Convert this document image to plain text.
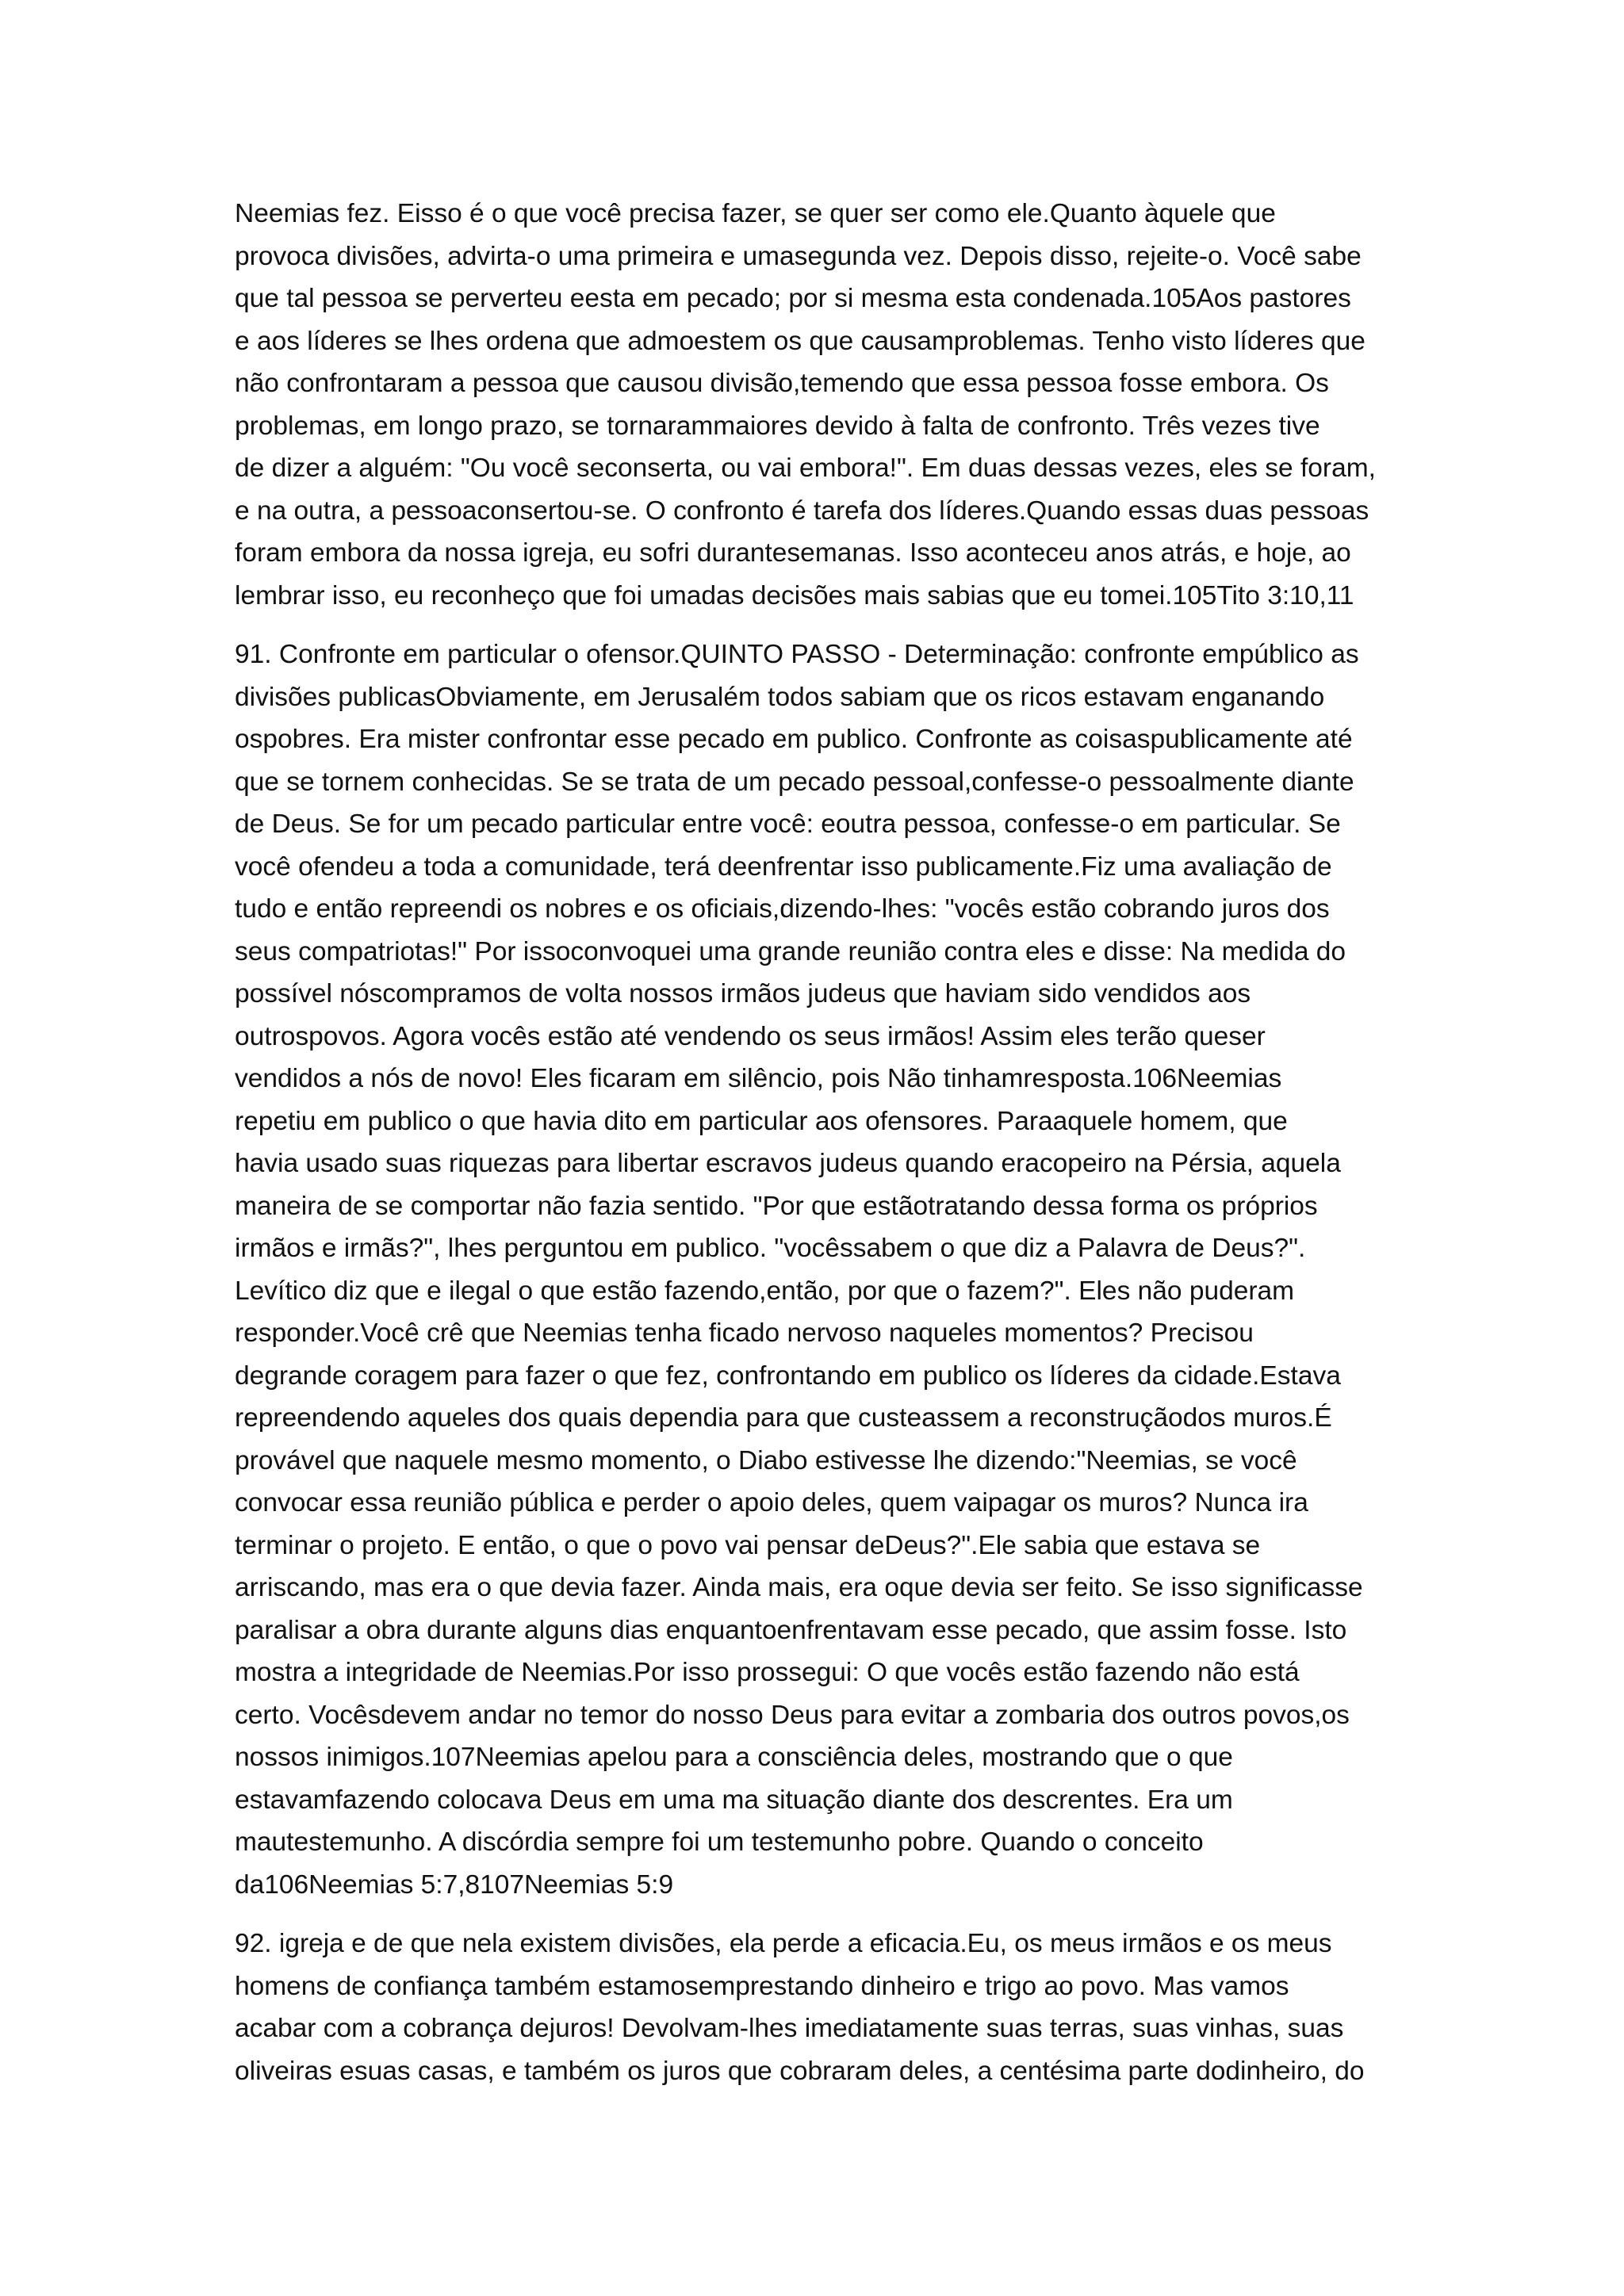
Neemias fez. Eisso é o que você precisa fazer, se quer ser como ele.Quanto àquele que
provoca divisões, advirta-o uma primeira e umasegunda vez. Depois disso, rejeite-o. Você sabe
que tal pessoa se perverteu eesta em pecado; por si mesma esta condenada.105Aos pastores
e aos líderes se lhes ordena que admoestem os que causamproblemas. Tenho visto líderes que
não confrontaram a pessoa que causou divisão,temendo que essa pessoa fosse embora. Os
problemas, em longo prazo, se tornarammaiores devido à falta de confronto. Três vezes tive
de dizer a alguém: "Ou você seconserta, ou vai embora!". Em duas dessas vezes, eles se foram,
e na outra, a pessoaconsertou-se. O confronto é tarefa dos líderes.Quando essas duas pessoas
foram embora da nossa igreja, eu sofri durantesemanas. Isso aconteceu anos atrás, e hoje, ao
lembrar isso, eu reconheço que foi umadas decisões mais sabias que eu tomei.105Tito 3:10,11
91. Confronte em particular o ofensor.QUINTO PASSO - Determinação: confronte empúblico as
divisões publicasObviamente, em Jerusalém todos sabiam que os ricos estavam enganando
ospobres. Era mister confrontar esse pecado em publico. Confronte as coisaspublicamente até
que se tornem conhecidas. Se se trata de um pecado pessoal,confesse-o pessoalmente diante
de Deus. Se for um pecado particular entre você: eoutra pessoa, confesse-o em particular. Se
você ofendeu a toda a comunidade, terá deenfrentar isso publicamente.Fiz uma avaliação de
tudo e então repreendi os nobres e os oficiais,dizendo-lhes: "vocês estão cobrando juros dos
seus compatriotas!" Por issoconvoquei uma grande reunião contra eles e disse: Na medida do
possível nóscompramos de volta nossos irmãos judeus que haviam sido vendidos aos
outrospovos. Agora vocês estão até vendendo os seus irmãos! Assim eles terão queser
vendidos a nós de novo! Eles ficaram em silêncio, pois Não tinhamresposta.106Neemias
repetiu em publico o que havia dito em particular aos ofensores. Paraaquele homem, que
havia usado suas riquezas para libertar escravos judeus quando eracopeiro na Pérsia, aquela
maneira de se comportar não fazia sentido. "Por que estãotratando dessa forma os próprios
irmãos e irmãs?", lhes perguntou em publico. "vocêssabem o que diz a Palavra de Deus?".
Levítico diz que e ilegal o que estão fazendo,então, por que o fazem?". Eles não puderam
responder.Você crê que Neemias tenha ficado nervoso naqueles momentos? Precisou
degrande coragem para fazer o que fez, confrontando em publico os líderes da cidade.Estava
repreendendo aqueles dos quais dependia para que custeassem a reconstruçãodos muros.É
provável que naquele mesmo momento, o Diabo estivesse lhe dizendo:"Neemias, se você
convocar essa reunião pública e perder o apoio deles, quem vaipagar os muros? Nunca ira
terminar o projeto. E então, o que o povo vai pensar deDeus?".Ele sabia que estava se
arriscando, mas era o que devia fazer. Ainda mais, era oque devia ser feito. Se isso significasse
paralisar a obra durante alguns dias enquantoenfrentavam esse pecado, que assim fosse. Isto
mostra a integridade de Neemias.Por isso prossegui: O que vocês estão fazendo não está
certo. Vocêsdevem andar no temor do nosso Deus para evitar a zombaria dos outros povos,os
nossos inimigos.107Neemias apelou para a consciência deles, mostrando que o que
estavamfazendo colocava Deus em uma ma situação diante dos descrentes. Era um
mautestemunho. A discórdia sempre foi um testemunho pobre. Quando o conceito
da106Neemias 5:7,8107Neemias 5:9
92. igreja e de que nela existem divisões, ela perde a eficacia.Eu, os meus irmãos e os meus
homens de confiança também estamosemprestando dinheiro e trigo ao povo. Mas vamos
acabar com a cobrança dejuros! Devolvam-lhes imediatamente suas terras, suas vinhas, suas
oliveiras esuas casas, e também os juros que cobraram deles, a centésima parte dodinheiro, do
